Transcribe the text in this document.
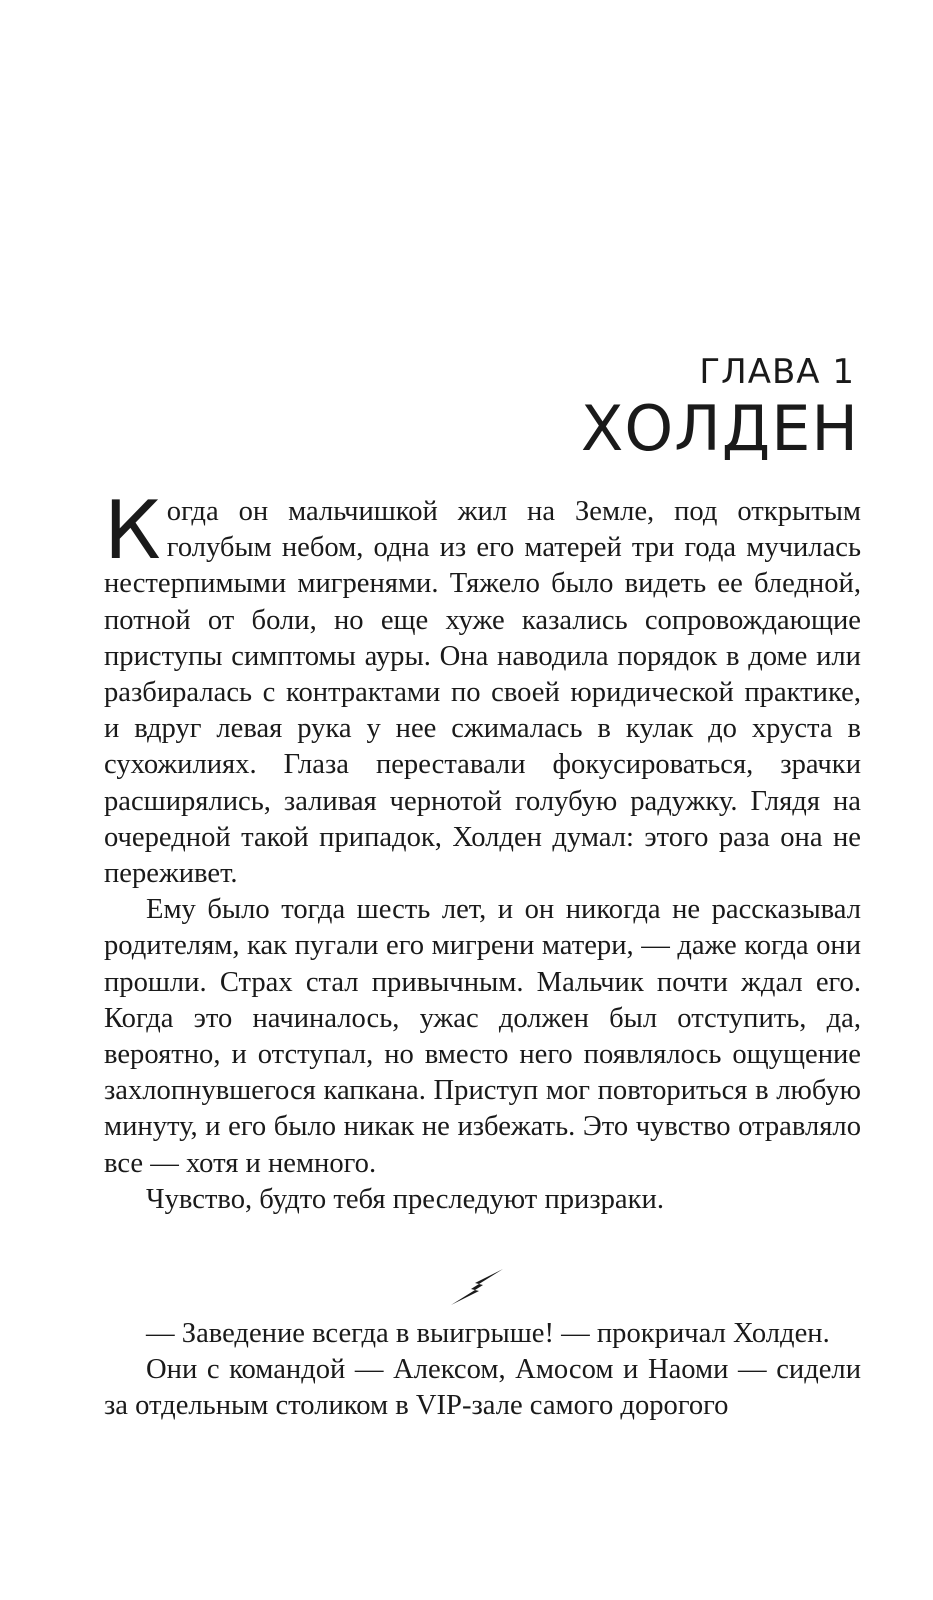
ГЛАВА 1
ХОЛДЕН

Когда он мальчишкой жил на Земле, под открытым голубым небом, одна из его матерей три года мучилась нестерпимыми мигренями. Тяжело было видеть ее бледной, потной от боли, но еще хуже казались сопровождающие приступы симптомы ауры. Она наводила порядок в доме или разбиралась с контрактами по своей юридической практике, и вдруг левая рука у нее сжималась в кулак до хруста в сухожилиях. Глаза переставали фокусироваться, зрачки расширялись, заливая чернотой голубую радужку. Глядя на очередной такой припадок, Холден думал: этого раза она не переживет.

Ему было тогда шесть лет, и он никогда не рассказывал родителям, как пугали его мигрени матери, — даже когда они прошли. Страх стал привычным. Мальчик почти ждал его. Когда это начиналось, ужас должен был отступить, да, вероятно, и отступал, но вместо него появлялось ощущение захлопнувшегося капкана. Приступ мог повториться в любую минуту, и его было никак не избежать. Это чувство отравляло все — хотя и немного.

Чувство, будто тебя преследуют призраки.

— Заведение всегда в выигрыше! — прокричал Холден.

Они с командой — Алексом, Амосом и Наоми — сидели за отдельным столиком в VIP-зале самого дорогого
